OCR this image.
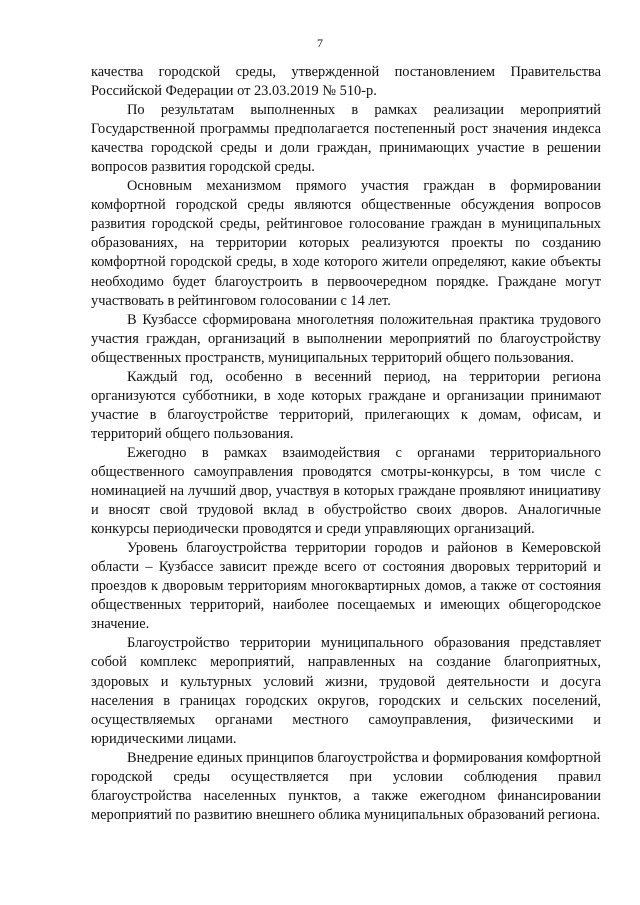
7

качества городской среды, утвержденной постановлением Правительства Российской Федерации от 23.03.2019 № 510-р.

По результатам выполненных в рамках реализации мероприятий Государственной программы предполагается постепенный рост значения индекса качества городской среды и доли граждан, принимающих участие в решении вопросов развития городской среды.

Основным механизмом прямого участия граждан в формировании комфортной городской среды являются общественные обсуждения вопросов развития городской среды, рейтинговое голосование граждан в муниципальных образованиях, на территории которых реализуются проекты по созданию комфортной городской среды, в ходе которого жители определяют, какие объекты необходимо будет благоустроить в первоочередном порядке. Граждане могут участвовать в рейтинговом голосовании с 14 лет.

В Кузбассе сформирована многолетняя положительная практика трудового участия граждан, организаций в выполнении мероприятий по благоустройству общественных пространств, муниципальных территорий общего пользования.

Каждый год, особенно в весенний период, на территории региона организуются субботники, в ходе которых граждане и организации принимают участие в благоустройстве территорий, прилегающих к домам, офисам, и территорий общего пользования.

Ежегодно в рамках взаимодействия с органами территориального общественного самоуправления проводятся смотры-конкурсы, в том числе с номинацией на лучший двор, участвуя в которых граждане проявляют инициативу и вносят свой трудовой вклад в обустройство своих дворов. Аналогичные конкурсы периодически проводятся и среди управляющих организаций.

Уровень благоустройства территории городов и районов в Кемеровской области – Кузбассе зависит прежде всего от состояния дворовых территорий и проездов к дворовым территориям многоквартирных домов, а также от состояния общественных территорий, наиболее посещаемых и имеющих общегородское значение.

Благоустройство территории муниципального образования представляет собой комплекс мероприятий, направленных на создание благоприятных, здоровых и культурных условий жизни, трудовой деятельности и досуга населения в границах городских округов, городских и сельских поселений, осуществляемых органами местного самоуправления, физическими и юридическими лицами.

Внедрение единых принципов благоустройства и формирования комфортной городской среды осуществляется при условии соблюдения правил благоустройства населенных пунктов, а также ежегодном финансировании мероприятий по развитию внешнего облика муниципальных образований региона.
